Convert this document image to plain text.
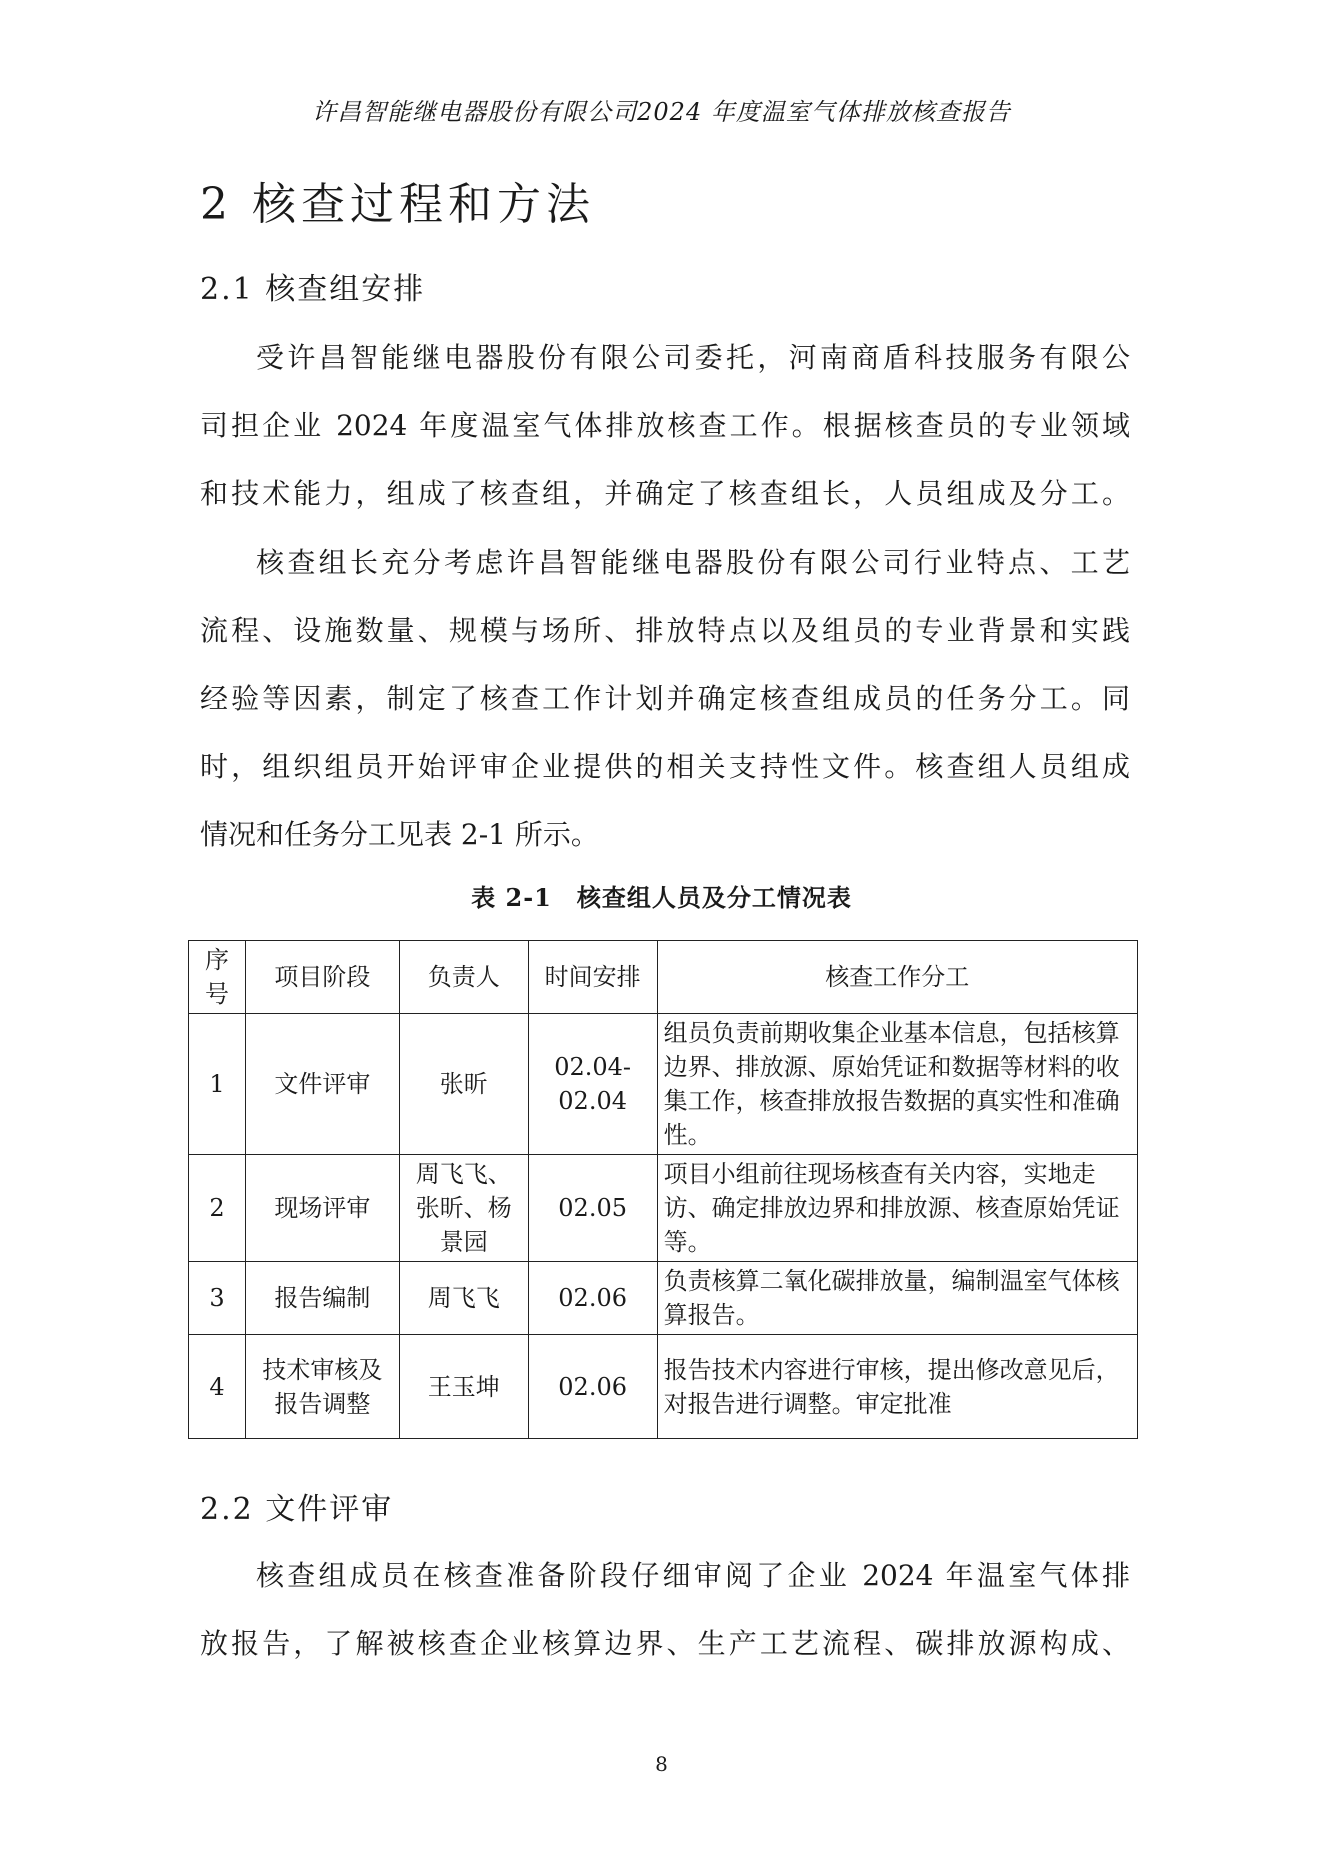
许昌智能继电器股份有限公司2024 年度温室气体排放核查报告
2 核查过程和方法
2.1 核查组安排
受许昌智能继电器股份有限公司委托，河南商盾科技服务有限公
司担企业 2024 年度温室气体排放核查工作。根据核查员的专业领域
和技术能力，组成了核查组，并确定了核查组长，人员组成及分工。
核查组长充分考虑许昌智能继电器股份有限公司行业特点、工艺
流程、设施数量、规模与场所、排放特点以及组员的专业背景和实践
经验等因素，制定了核查工作计划并确定核查组成员的任务分工。同
时，组织组员开始评审企业提供的相关支持性文件。核查组人员组成
情况和任务分工见表 2-1 所示。
表 2-1　核查组人员及分工情况表
序号	项目阶段	负责人	时间安排	核查工作分工
1	文件评审	张昕	02.04-02.04	组员负责前期收集企业基本信息，包括核算边界、排放源、原始凭证和数据等材料的收集工作，核查排放报告数据的真实性和准确性。
2	现场评审	周飞飞、张昕、杨景园	02.05	项目小组前往现场核查有关内容，实地走访、确定排放边界和排放源、核查原始凭证等。
3	报告编制	周飞飞	02.06	负责核算二氧化碳排放量，编制温室气体核算报告。
4	技术审核及报告调整	王玉坤	02.06	报告技术内容进行审核，提出修改意见后，对报告进行调整。审定批准
2.2 文件评审
核查组成员在核查准备阶段仔细审阅了企业 2024 年温室气体排
放报告，了解被核查企业核算边界、生产工艺流程、碳排放源构成、
8
